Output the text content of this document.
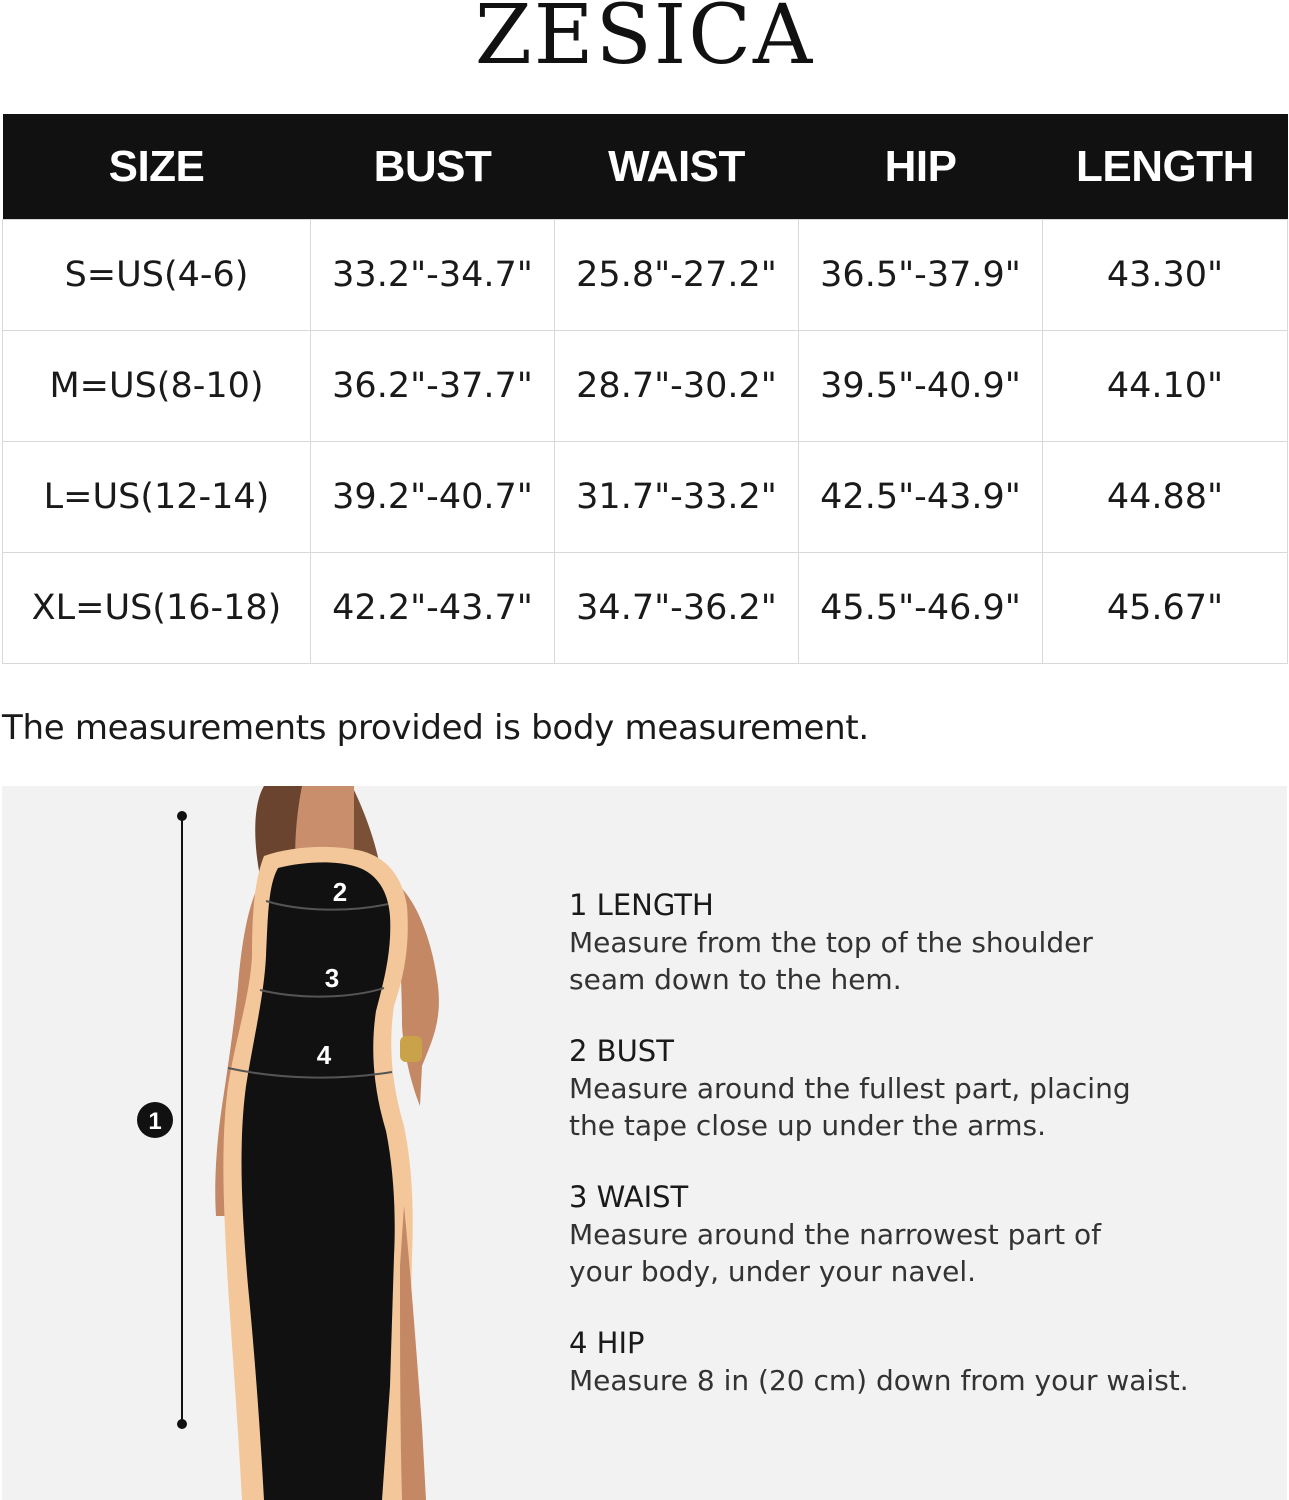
ZESICA
SIZE	BUST	WAIST	HIP	LENGTH
S=US(4-6)	33.2"-34.7"	25.8"-27.2"	36.5"-37.9"	43.30"
M=US(8-10)	36.2"-37.7"	28.7"-30.2"	39.5"-40.9"	44.10"
L=US(12-14)	39.2"-40.7"	31.7"-33.2"	42.5"-43.9"	44.88"
XL=US(16-18)	42.2"-43.7"	34.7"-36.2"	45.5"-46.9"	45.67"
The measurements provided is body measurement.
1
2
3
4
1 LENGTH
Measure from the top of the shoulder
seam down to the hem.
2 BUST
Measure around the fullest part, placing
the tape close up under the arms.
3 WAIST
Measure around the narrowest part of
your body, under your navel.
4 HIP
Measure 8 in (20 cm) down from your waist.
